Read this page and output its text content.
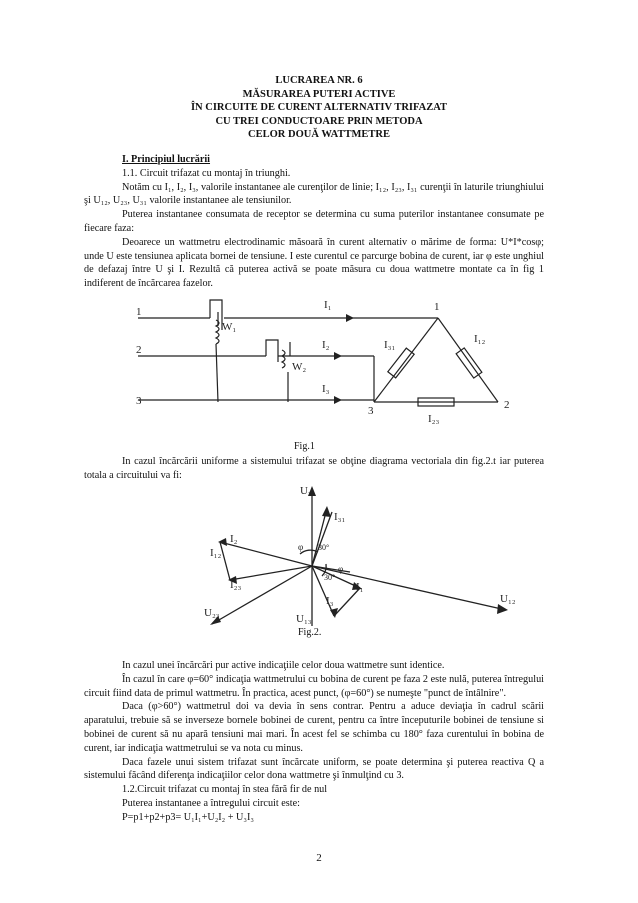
LUCRAREA NR. 6
MĂSURAREA PUTERI ACTIVE
ÎN CIRCUITE DE CURENT ALTERNATIV TRIFAZAT
CU TREI CONDUCTOARE PRIN METODA
CELOR DOUĂ WATTMETRE

I. Principiul lucrării

1.1. Circuit trifazat cu montaj în triunghi.

Notăm cu I₁, I₂, I₃, valorile instantanee ale curenţilor de linie; I₁₂, I₂₃, I₃₁ curenţii în laturile triunghiului şi U₁₂, U₂₃, U₃₁ valorile instantanee ale tensiunilor.

Puterea instantanee consumata de receptor se determina cu suma puterilor instantanee consumate pe fiecare faza:

Deoarece un wattmetru electrodinamic măsoară în curent alternativ o mărime de forma: U*I*cosφ; unde U este tensiunea aplicata bornei de tensiune. I este curentul ce parcurge bobina de curent, iar φ este unghiul de defazaj între U şi I. Rezultă că puterea activă se poate măsura cu doua wattmetre montate ca în fig 1 indiferent de încărcarea fazelor.

1
2
3
1
2
3
W₁
W₂
I₁
I₂
I₃
I₃₁	I₁₂
I₂₃
Fig.1

In cazul încărcării uniforme a sistemului trifazat se obţine diagrama vectoriala din fig.2.t iar puterea totala a circuitului va fi:

U₃₁
I₃₁
I₂
I₁₂
I₂₃
U₂₃	U₁₃
I₃	U₁₂
I₁
30°
30°
φ
φ
Fig.2.

In cazul unei încărcări pur active indicaţiile celor doua wattmetre sunt identice.

În cazul în care φ=60° indicaţia wattmetrului cu bobina de curent pe faza 2 este nulă, puterea întregului circuit fiind data de primul wattmetru. În practica, acest punct, (φ=60°) se numeşte "punct de întâlnire".

Daca (φ>60°) wattmetrul doi va devia în sens contrar. Pentru a aduce deviaţia în cadrul scării aparatului, trebuie să se inverseze bornele bobinei de curent, pentru ca între începuturile bobinei de tensiune si bobinei de curent să nu apară tensiuni mai mari. În acest fel se schimba cu 180° faza curentului în bobina de curent, iar indicaţia wattmetrului se va nota cu minus.

Daca fazele unui sistem trifazat sunt încărcate uniform, se poate determina şi puterea reactiva Q a sistemului făcând diferenţa indicaţiilor celor dona wattmetre şi înmulţind cu 3.

1.2.Circuit trifazat cu montaj în stea fără fir de nul

Puterea instantanee a întregului circuit este:

P=p1+p2+p3= U₁I₁+U₂I₂ + U₃I₃

2
